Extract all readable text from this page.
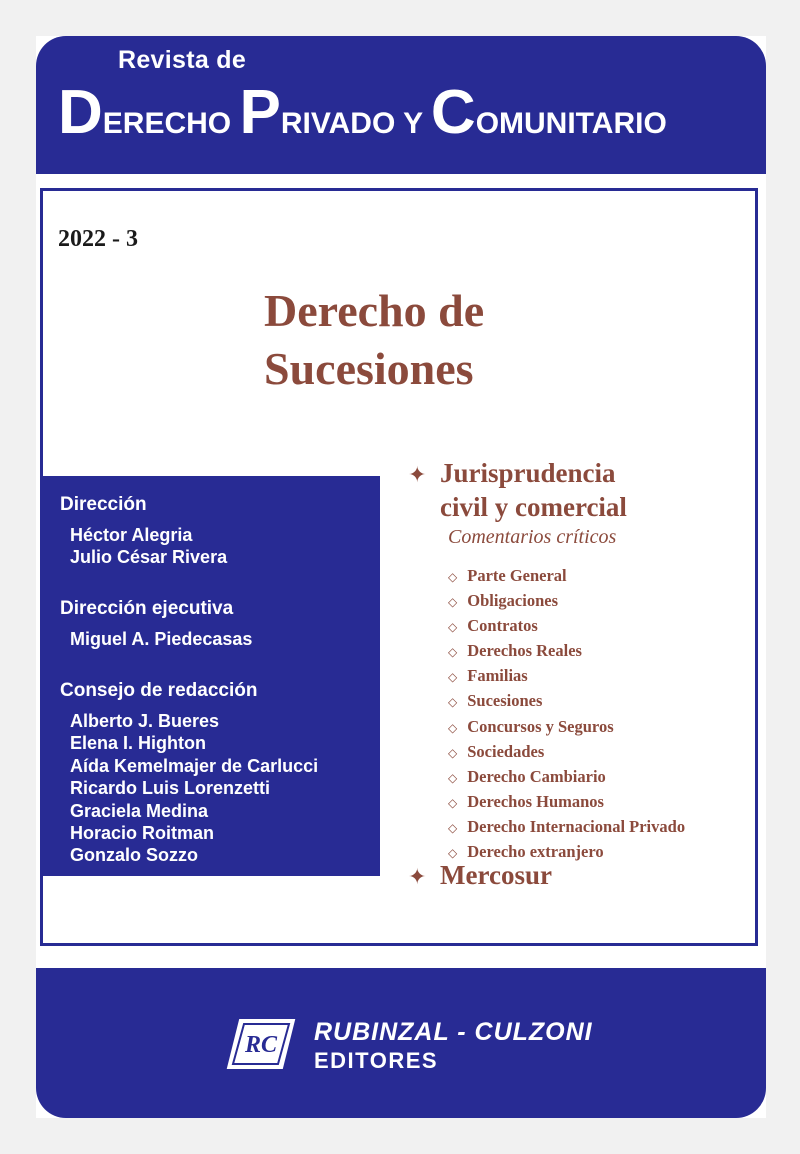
Revista de

DERECHO PRIVADO Y COMUNITARIO

2022 - 3

Derecho de
Sucesiones
Dirección
Héctor Alegria
Julio César Rivera
Dirección ejecutiva
Miguel A. Piedecasas
Consejo de redacción
Alberto J. Bueres
Elena I. Highton
Aída Kemelmajer de Carlucci
Ricardo Luis Lorenzetti
Graciela Medina
Horacio Roitman
Gonzalo Sozzo
✦ Jurisprudencia
civil y comercial

Comentarios críticos

◇ Parte General
◇ Obligaciones
◇ Contratos
◇ Derechos Reales
◇ Familias
◇ Sucesiones
◇ Concursos y Seguros
◇ Sociedades
◇ Derecho Cambiario
◇ Derechos Humanos
◇ Derecho Internacional Privado
◇ Derecho extranjero
✦ Mercosur

RC RUBINZAL - CULZONI

EDITORES
